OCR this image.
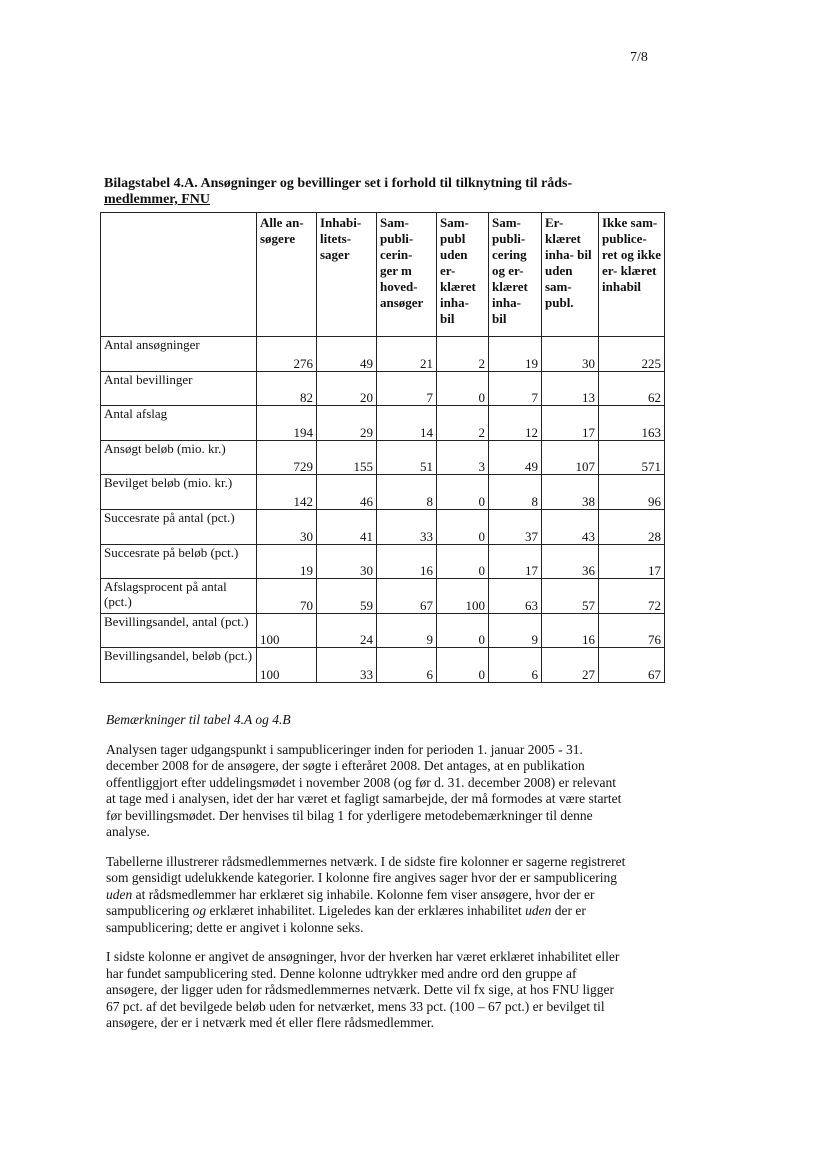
7/8
Bilagstabel 4.A. Ansøgninger og bevillinger set i forhold til tilknytning til råds-
medlemmer, FNU
	Alle an- søgere	Inhabi- litets- sager	Sam- publi- cerin- ger m hoved- ansøger	Sam- publ uden er- klæret inha- bil	Sam- publi- cering og er- klæret inha- bil	Er- klæret inha- bil uden sam- publ.	Ikke sam- publice- ret og ikke er- klæret inhabil
Antal ansøgninger	276	49	21	2	19	30	225
Antal bevillinger	82	20	7	0	7	13	62
Antal afslag	194	29	14	2	12	17	163
Ansøgt beløb (mio. kr.)	729	155	51	3	49	107	571
Bevilget beløb (mio. kr.)	142	46	8	0	8	38	96
Succesrate på antal (pct.)	30	41	33	0	37	43	28
Succesrate på beløb (pct.)	19	30	16	0	17	36	17
Afslagsprocent på antal (pct.)	70	59	67	100	63	57	72
Bevillingsandel, antal (pct.)	100	24	9	0	9	16	76
Bevillingsandel, beløb (pct.)	100	33	6	0	6	27	67

Bemærkninger til tabel 4.A og 4.B

Analysen tager udgangspunkt i sampubliceringer inden for perioden 1. januar 2005 - 31. december 2008 for de ansøgere, der søgte i efteråret 2008. Det antages, at en publikation offentliggjort efter uddelingsmødet i november 2008 (og før d. 31. december 2008) er relevant at tage med i analysen, idet der har været et fagligt samarbejde, der må formodes at være startet før bevillingsmødet. Der henvises til bilag 1 for yderligere metodebemærkninger til denne analyse.

Tabellerne illustrerer rådsmedlemmernes netværk. I de sidste fire kolonner er sagerne registreret som gensidigt udelukkende kategorier. I kolonne fire angives sager hvor der er sampublicering uden at rådsmedlemmer har erklæret sig inhabile. Kolonne fem viser ansøgere, hvor der er sampublicering og erklæret inhabilitet. Ligeledes kan der erklæres inhabilitet uden der er sampublicering; dette er angivet i kolonne seks.

I sidste kolonne er angivet de ansøgninger, hvor der hverken har været erklæret inhabilitet eller har fundet sampublicering sted. Denne kolonne udtrykker med andre ord den gruppe af ansøgere, der ligger uden for rådsmedlemmernes netværk. Dette vil fx sige, at hos FNU ligger 67 pct. af det bevilgede beløb uden for netværket, mens 33 pct. (100 – 67 pct.) er bevilget til ansøgere, der er i netværk med ét eller flere rådsmedlemmer.
